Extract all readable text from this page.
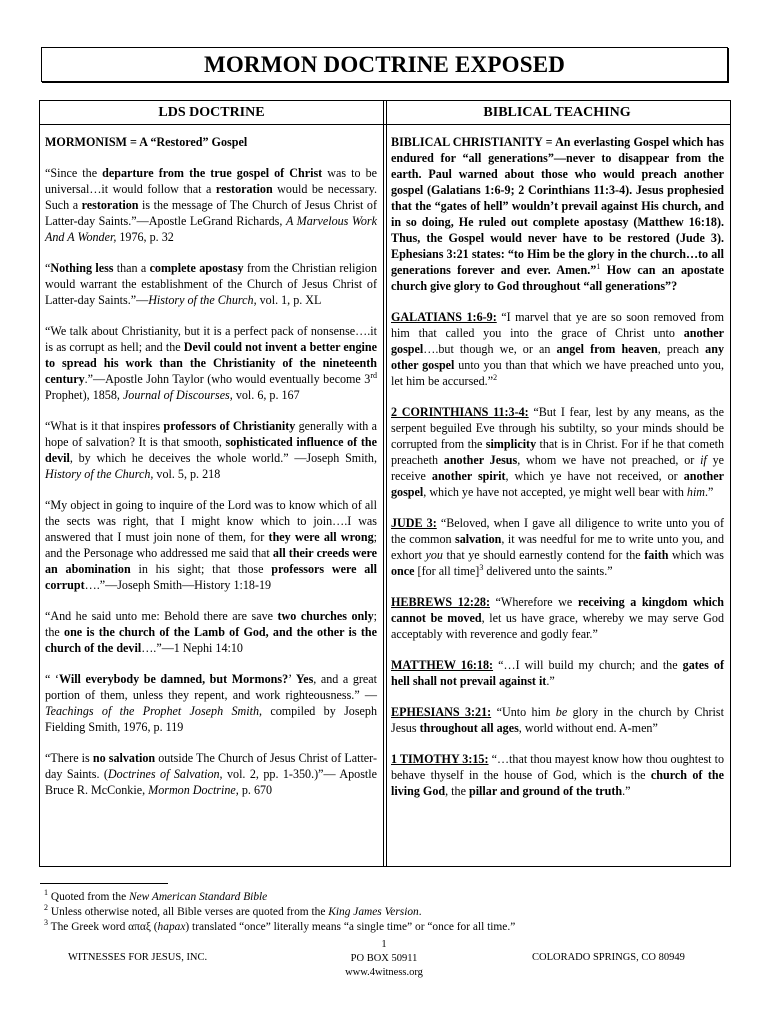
MORMON DOCTRINE EXPOSED
LDS DOCTRINE	BIBLICAL TEACHING
MORMONISM = A “Restored” Gospel
“Since the departure from the true gospel of Christ was to be universal…it would follow that a restoration would be necessary. Such a restoration is the message of The Church of Jesus Christ of Latter-day Saints.”—Apostle LeGrand Richards, A Marvelous Work And A Wonder, 1976, p. 32
“Nothing less than a complete apostasy from the Christian religion would warrant the establishment of the Church of Jesus Christ of Latter-day Saints.”—History of the Church, vol. 1, p. XL
“We talk about Christianity, but it is a perfect pack of nonsense….it is as corrupt as hell; and the Devil could not invent a better engine to spread his work than the Christianity of the nineteenth century.”—Apostle John Taylor (who would eventually become 3rd Prophet), 1858, Journal of Discourses, vol. 6, p. 167
“What is it that inspires professors of Christianity generally with a hope of salvation? It is that smooth, sophisticated influence of the devil, by which he deceives the whole world.” —Joseph Smith, History of the Church, vol. 5, p. 218
“My object in going to inquire of the Lord was to know which of all the sects was right, that I might know which to join….I was answered that I must join none of them, for they were all wrong; and the Personage who addressed me said that all their creeds were an abomination in his sight; that those professors were all corrupt….”—Joseph Smith—History 1:18-19
“And he said unto me: Behold there are save two churches only; the one is the church of the Lamb of God, and the other is the church of the devil….”—1 Nephi 14:10
“ ‘Will everybody be damned, but Mormons?’ Yes, and a great portion of them, unless they repent, and work righteousness.” —Teachings of the Prophet Joseph Smith, compiled by Joseph Fielding Smith, 1976, p. 119
“There is no salvation outside The Church of Jesus Christ of Latter-day Saints. (Doctrines of Salvation, vol. 2, pp. 1-350.)”— Apostle Bruce R. McConkie, Mormon Doctrine, p. 670
BIBLICAL CHRISTIANITY = An everlasting Gospel which has endured for “all generations”—never to disappear from the earth. Paul warned about those who would preach another gospel (Galatians 1:6-9; 2 Corinthians 11:3-4). Jesus prophesied that the “gates of hell” wouldn’t prevail against His church, and in so doing, He ruled out complete apostasy (Matthew 16:18). Thus, the Gospel would never have to be restored (Jude 3). Ephesians 3:21 states: “to Him be the glory in the church…to all generations forever and ever. Amen.”$^1$ How can an apostate church give glory to God throughout “all generations”?
GALATIANS 1:6-9: “I marvel that ye are so soon removed from him that called you into the grace of Christ unto another gospel….but though we, or an angel from heaven, preach any other gospel unto you than that which we have preached unto you, let him be accursed.”$^2$
2 CORINTHIANS 11:3-4: “But I fear, lest by any means, as the serpent beguiled Eve through his subtilty, so your minds should be corrupted from the simplicity that is in Christ. For if he that cometh preacheth another Jesus, whom we have not preached, or if ye receive another spirit, which ye have not received, or another gospel, which ye have not accepted, ye might well bear with him.”
JUDE 3: “Beloved, when I gave all diligence to write unto you of the common salvation, it was needful for me to write unto you, and exhort you that ye should earnestly contend for the faith which was once [for all time]$^3$ delivered unto the saints.”
HEBREWS 12:28: “Wherefore we receiving a kingdom which cannot be moved, let us have grace, whereby we may serve God acceptably with reverence and godly fear.”
MATTHEW 16:18: “…I will build my church; and the gates of hell shall not prevail against it.”
EPHESIANS 3:21: “Unto him be glory in the church by Christ Jesus throughout all ages, world without end. A-men”
1 TIMOTHY 3:15: “…that thou mayest know how thou oughtest to behave thyself in the house of God, which is the church of the living God, the pillar and ground of the truth.”
$^1$ Quoted from the New American Standard Bible
$^2$ Unless otherwise noted, all Bible verses are quoted from the King James Version.
$^3$ The Greek word απαξ (hapax) translated “once” literally means “a single time” or “once for all time.”
WITNESSES FOR JESUS, INC.
1
PO BOX 50911
www.4witness.org
COLORADO SPRINGS, CO 80949
